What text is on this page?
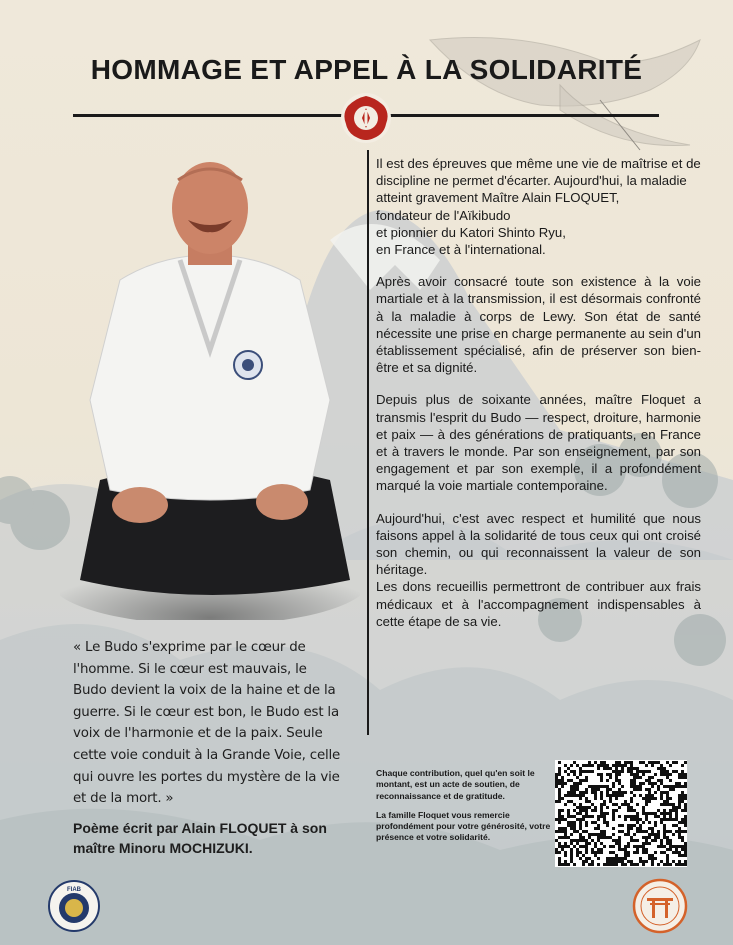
HOMMAGE ET APPEL À LA SOLIDARITÉ

Il est des épreuves que même une vie de maîtrise et de discipline ne permet d'écarter. Aujourd'hui, la maladie atteint gravement Maître Alain FLOQUET,

fondateur de l'Aïkibudo

et pionnier du Katori Shinto Ryu,

en France et à l'international.

Après avoir consacré toute son existence à la voie martiale et à la transmission, il est désormais confronté à la maladie à corps de Lewy. Son état de santé nécessite une prise en charge permanente au sein d'un établissement spécialisé, afin de préserver son bien-être et sa dignité.

Depuis plus de soixante années, maître Floquet a transmis l'esprit du Budo — respect, droiture, harmonie et paix — à des générations de pratiquants, en France et à travers le monde. Par son enseignement, par son engagement et par son exemple, il a profondément marqué la voie martiale contemporaine.

Aujourd'hui, c'est avec respect et humilité que nous faisons appel à la solidarité de tous ceux qui ont croisé son chemin, ou qui reconnaissent la valeur de son héritage.

Les dons recueillis permettront de contribuer aux frais médicaux et à l'accompagnement indispensables à cette étape de sa vie.

« Le Budo s'exprime par le cœur de l'homme. Si le cœur est mauvais, le Budo devient la voix de la haine et de la guerre. Si le cœur est bon, le Budo est la voix de l'harmonie et de la paix. Seule cette voie conduit à la Grande Voie, celle qui ouvre les portes du mystère de la vie et de la mort. »
Poème écrit par Alain FLOQUET à son maître Minoru MOCHIZUKI.

Chaque contribution, quel qu'en soit le montant, est un acte de soutien, de reconnaissance et de gratitude.

La famille Floquet vous remercie profondément pour votre générosité, votre présence et votre solidarité.

FIAB
